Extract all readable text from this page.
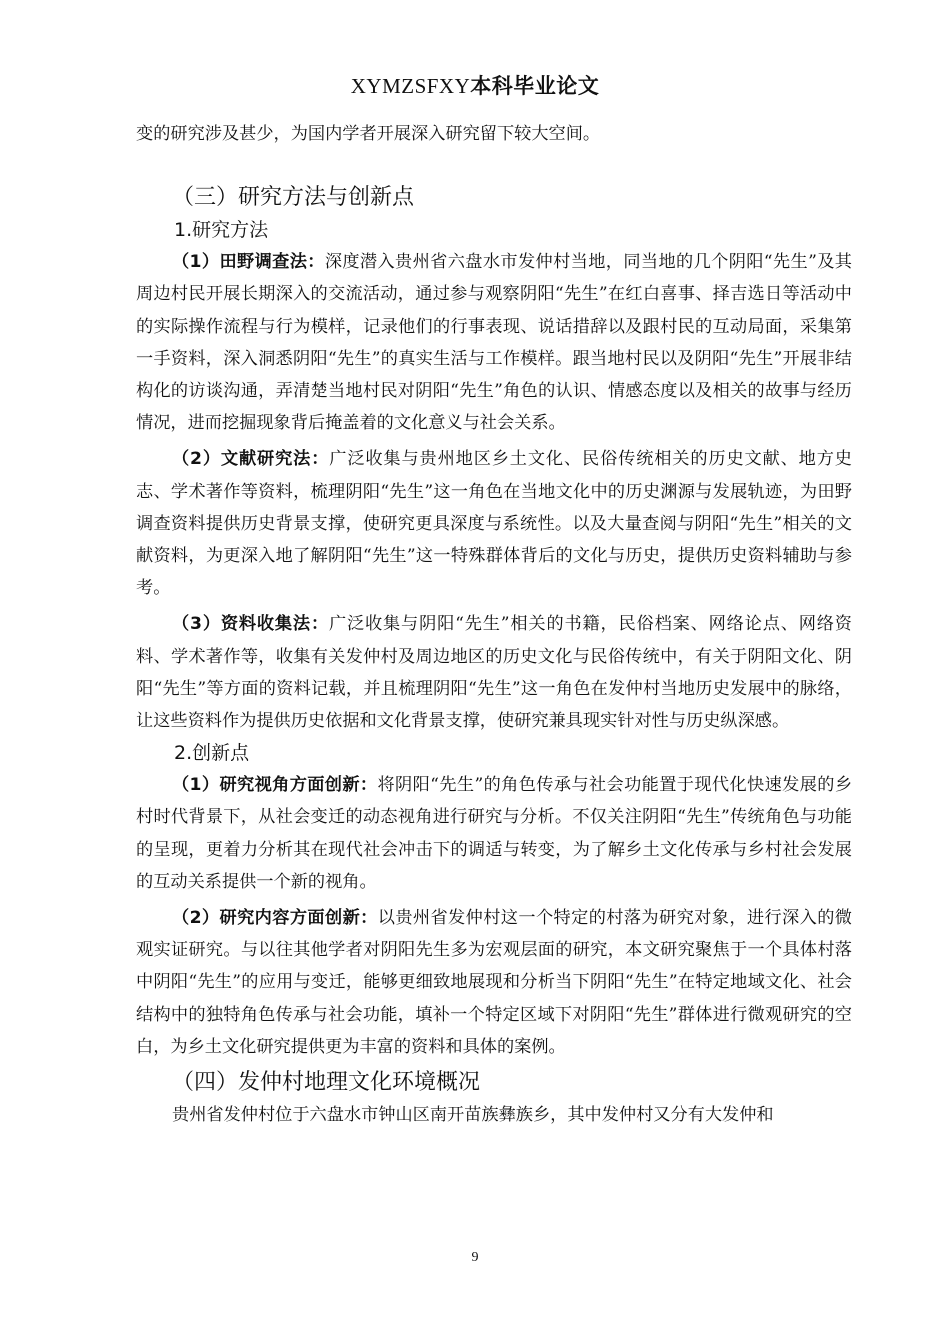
XYMZSFXY本科毕业论文

变的研究涉及甚少，为国内学者开展深入研究留下较大空间。

（三）研究方法与创新点
1.研究方法

（1）田野调查法：深度潜入贵州省六盘水市发仲村当地，同当地的几个阴阳“先生”及其周边村民开展长期深入的交流活动，通过参与观察阴阳“先生”在红白喜事、择吉选日等活动中的实际操作流程与行为模样，记录他们的行事表现、说话措辞以及跟村民的互动局面，采集第一手资料，深入洞悉阴阳“先生”的真实生活与工作模样。跟当地村民以及阴阳“先生”开展非结构化的访谈沟通，弄清楚当地村民对阴阳“先生”角色的认识、情感态度以及相关的故事与经历情况，进而挖掘现象背后掩盖着的文化意义与社会关系。

（2）文献研究法：广泛收集与贵州地区乡土文化、民俗传统相关的历史文献、地方史志、学术著作等资料，梳理阴阳“先生”这一角色在当地文化中的历史渊源与发展轨迹，为田野调查资料提供历史背景支撑，使研究更具深度与系统性。以及大量查阅与阴阳“先生”相关的文献资料，为更深入地了解阴阳“先生”这一特殊群体背后的文化与历史，提供历史资料辅助与参考。

（3）资料收集法：广泛收集与阴阳“先生”相关的书籍，民俗档案、网络论点、网络资料、学术著作等，收集有关发仲村及周边地区的历史文化与民俗传统中，有关于阴阳文化、阴阳“先生”等方面的资料记载，并且梳理阴阳“先生”这一角色在发仲村当地历史发展中的脉络，让这些资料作为提供历史依据和文化背景支撑，使研究兼具现实针对性与历史纵深感。

2.创新点

（1）研究视角方面创新：将阴阳“先生”的角色传承与社会功能置于现代化快速发展的乡村时代背景下，从社会变迁的动态视角进行研究与分析。不仅关注阴阳“先生”传统角色与功能的呈现，更着力分析其在现代社会冲击下的调适与转变，为了解乡土文化传承与乡村社会发展的互动关系提供一个新的视角。

（2）研究内容方面创新：以贵州省发仲村这一个特定的村落为研究对象，进行深入的微观实证研究。与以往其他学者对阴阳先生多为宏观层面的研究，本文研究聚焦于一个具体村落中阴阳“先生”的应用与变迁，能够更细致地展现和分析当下阴阳“先生”在特定地域文化、社会结构中的独特角色传承与社会功能，填补一个特定区域下对阴阳“先生”群体进行微观研究的空白，为乡土文化研究提供更为丰富的资料和具体的案例。

（四）发仲村地理文化环境概况

贵州省发仲村位于六盘水市钟山区南开苗族彝族乡，其中发仲村又分有大发仲和

9
